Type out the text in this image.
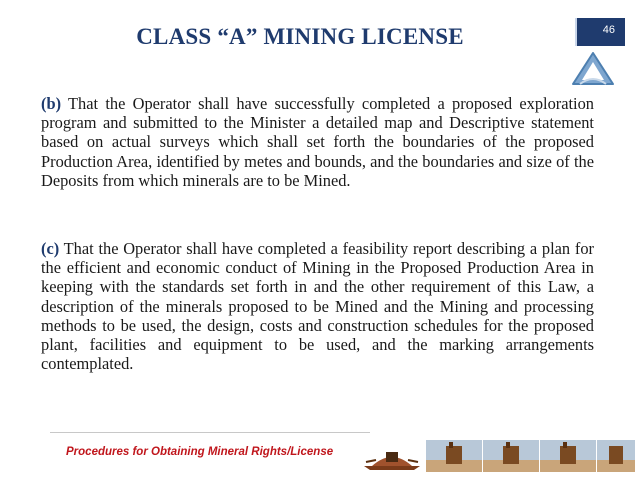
CLASS “A” MINING LICENSE	46
(b) That the Operator shall have successfully completed a proposed exploration program and submitted to the Minister a detailed map and Descriptive statement based on actual surveys which shall set forth the boundaries of the proposed Production Area, identified by metes and bounds, and the boundaries and size of the Deposits from which minerals are to be Mined.
(c) That the Operator shall have completed a feasibility report describing a plan for the efficient and economic conduct of Mining in the Proposed Production Area in keeping with the standards set forth in and the other requirement of this Law, a description of the minerals proposed to be Mined and the Mining and processing methods to be used, the design, costs and construction schedules for the proposed plant, facilities and equipment to be used, and the marking arrangements contemplated.
Procedures for Obtaining Mineral Rights/License
